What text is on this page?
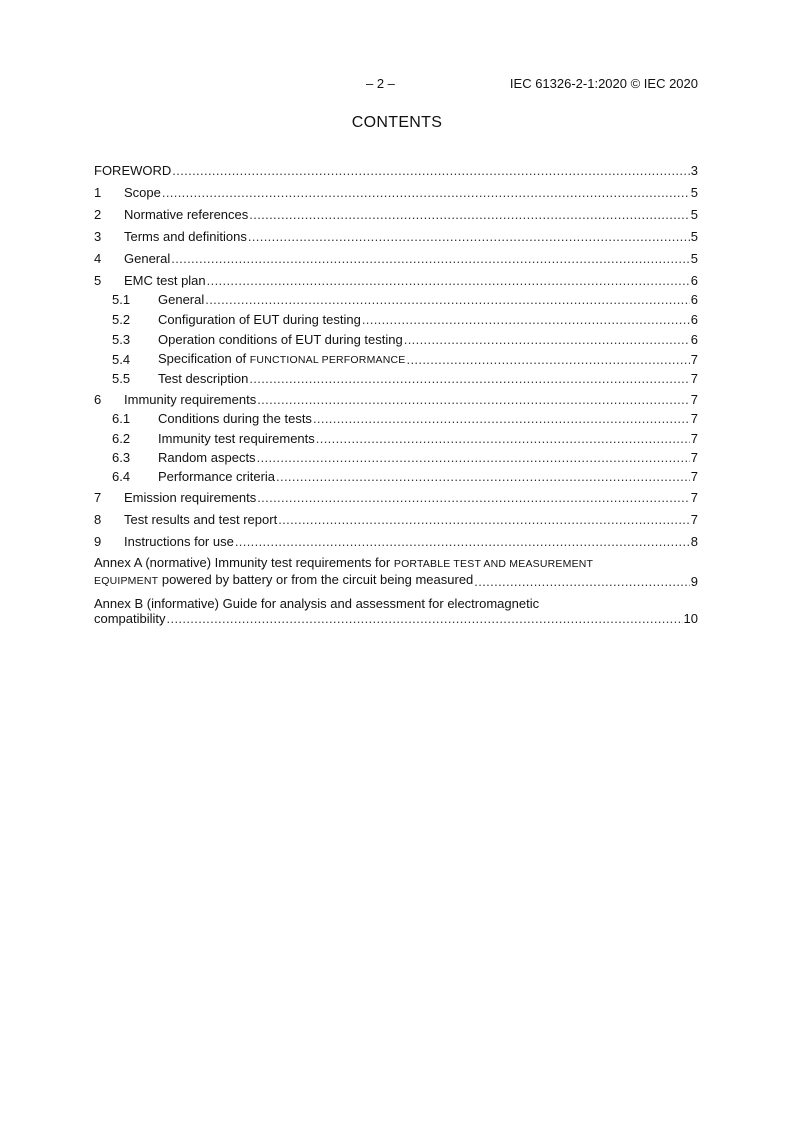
– 2 –	IEC 61326-2-1:2020 © IEC 2020
CONTENTS
FOREWORD .....	3
1	Scope .....	5
2	Normative references .....	5
3	Terms and definitions .....	5
4	General .....	5
5	EMC test plan .....	6
5.1	General .....	6
5.2	Configuration of EUT during testing .....	6
5.3	Operation conditions of EUT during testing .....	6
5.4	Specification of FUNCTIONAL PERFORMANCE .....	7
5.5	Test description .....	7
6	Immunity requirements .....	7
6.1	Conditions during the tests .....	7
6.2	Immunity test requirements .....	7
6.3	Random aspects .....	7
6.4	Performance criteria .....	7
7	Emission requirements .....	7
8	Test results and test report .....	7
9	Instructions for use .....	8
Annex A (normative) Immunity test requirements for PORTABLE TEST AND MEASUREMENT
EQUIPMENT powered by battery or from the circuit being measured .....	9
Annex B (informative) Guide for analysis and assessment for electromagnetic
compatibility .....	10
